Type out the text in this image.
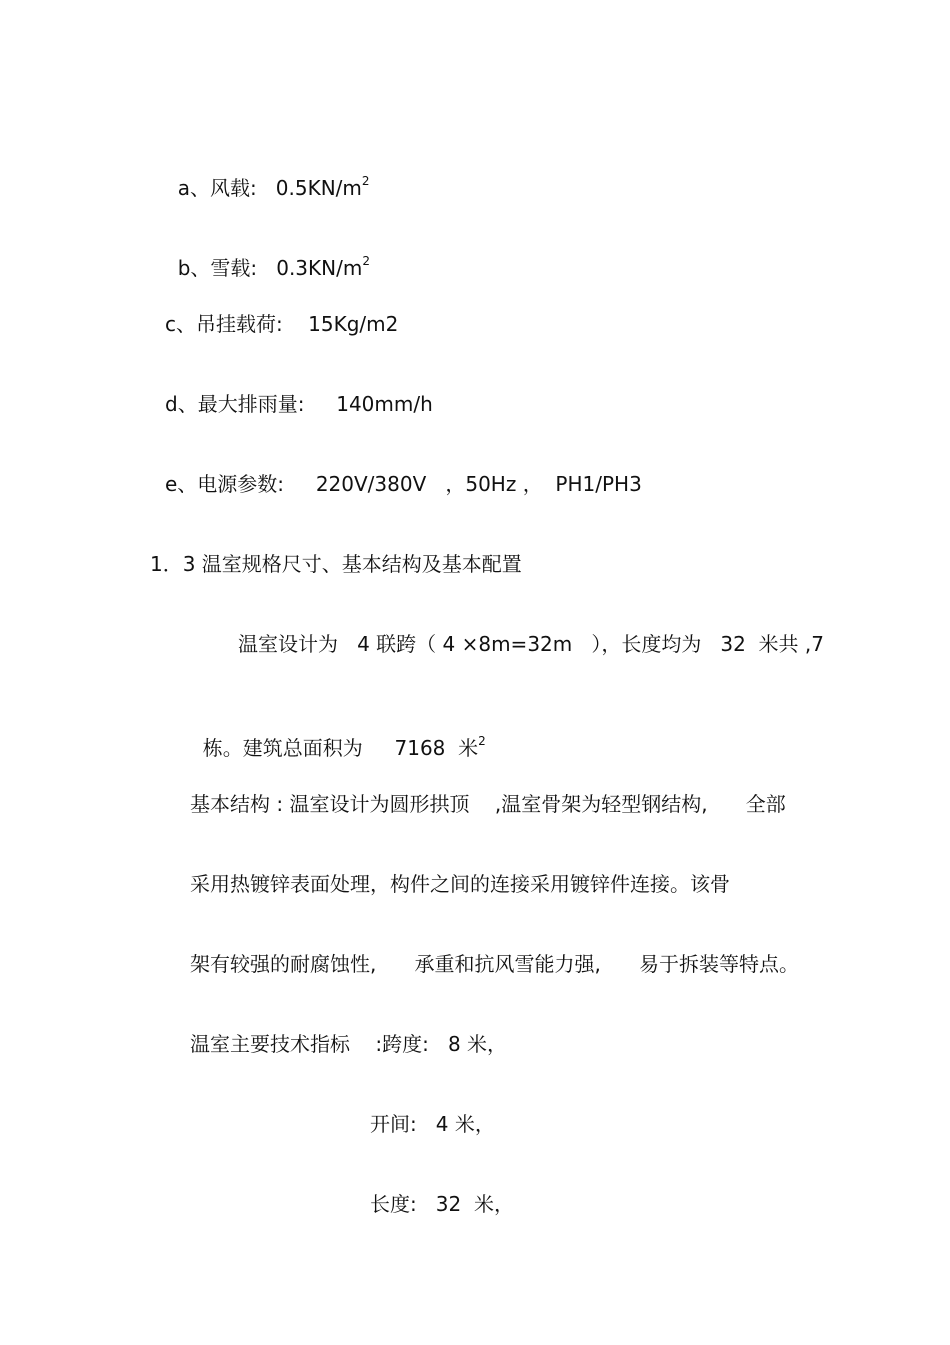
a、风载:   $0.5KN/m^2$

b、雪载:   $0.3KN/m^2$

c、吊挂载荷:    15Kg/m2
d、最大排雨量:     140mm/h
e、电源参数:     220V/380V   ，50Hz ，  PH1/PH3
1．3 温室规格尺寸、基本结构及基本配置
温室设计为   4 联跨（ 4 ×8m=32m   ），长度均为   32  米共 ,7

栋。建筑总面积为     7168  米$^2$

基本结构 : 温室设计为圆形拱顶    ,温室骨架为轻型钢结构,      全部
采用热镀锌表面处理，构件之间的连接采用镀锌件连接。该骨
架有较强的耐腐蚀性,      承重和抗风雪能力强,      易于拆装等特点。
温室主要技术指标    :跨度:   8 米，
开间:   4 米，
长度:   32  米，
